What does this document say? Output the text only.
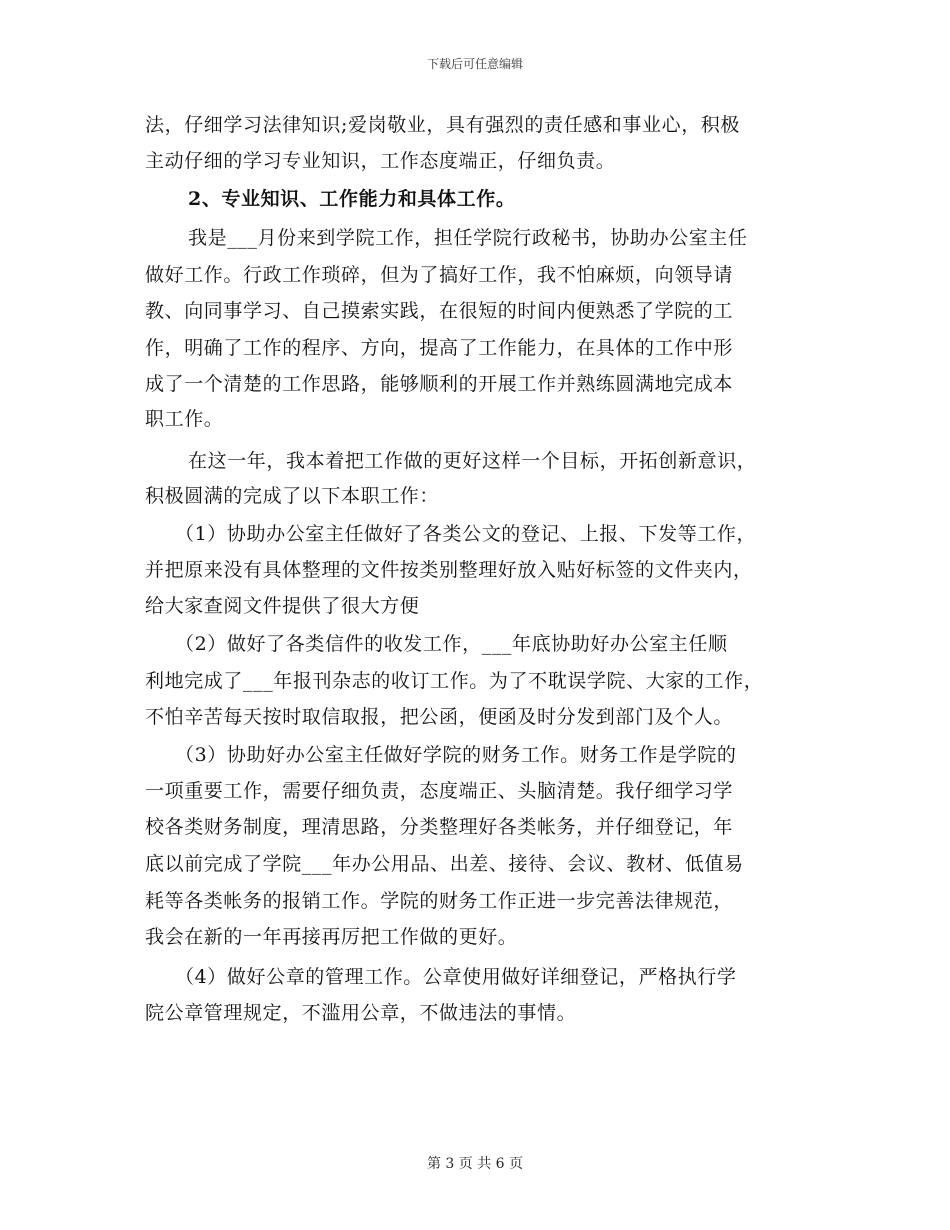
下载后可任意编辑
法，仔细学习法律知识;爱岗敬业，具有强烈的责任感和事业心，积极
主动仔细的学习专业知识，工作态度端正，仔细负责。
2、专业知识、工作能力和具体工作。
我是___月份来到学院工作，担任学院行政秘书，协助办公室主任
做好工作。行政工作琐碎，但为了搞好工作，我不怕麻烦，向领导请
教、向同事学习、自己摸索实践，在很短的时间内便熟悉了学院的工
作，明确了工作的程序、方向，提高了工作能力，在具体的工作中形
成了一个清楚的工作思路，能够顺利的开展工作并熟练圆满地完成本
职工作。
在这一年，我本着把工作做的更好这样一个目标，开拓创新意识，
积极圆满的完成了以下本职工作：
（1）协助办公室主任做好了各类公文的登记、上报、下发等工作，
并把原来没有具体整理的文件按类别整理好放入贴好标签的文件夹内，
给大家查阅文件提供了很大方便
（2）做好了各类信件的收发工作，___年底协助好办公室主任顺
利地完成了___年报刊杂志的收订工作。为了不耽误学院、大家的工作，
不怕辛苦每天按时取信取报，把公函，便函及时分发到部门及个人。
（3）协助好办公室主任做好学院的财务工作。财务工作是学院的
一项重要工作，需要仔细负责，态度端正、头脑清楚。我仔细学习学
校各类财务制度，理清思路，分类整理好各类帐务，并仔细登记，年
底以前完成了学院___年办公用品、出差、接待、会议、教材、低值易
耗等各类帐务的报销工作。学院的财务工作正进一步完善法律规范，
我会在新的一年再接再厉把工作做的更好。
（4）做好公章的管理工作。公章使用做好详细登记，严格执行学
院公章管理规定，不滥用公章，不做违法的事情。
第 3 页 共 6 页
